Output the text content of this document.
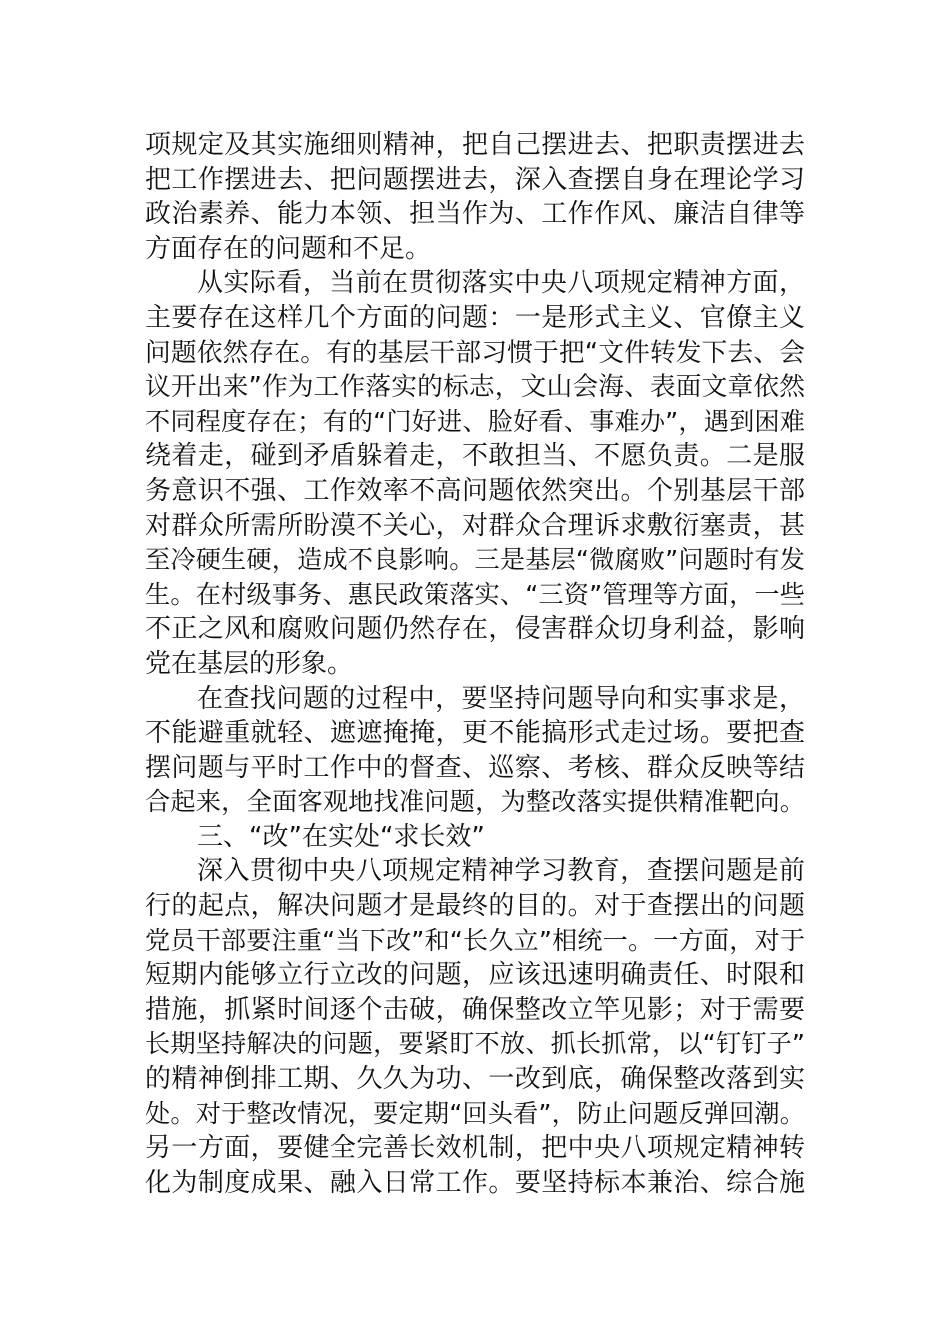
项规定及其实施细则精神，把自己摆进去、把职责摆进去
把工作摆进去、把问题摆进去，深入查摆自身在理论学习
政治素养、能力本领、担当作为、工作作风、廉洁自律等
方面存在的问题和不足。
从实际看，当前在贯彻落实中央八项规定精神方面，
主要存在这样几个方面的问题：一是形式主义、官僚主义
问题依然存在。有的基层干部习惯于把“文件转发下去、会
议开出来”作为工作落实的标志，文山会海、表面文章依然
不同程度存在；有的“门好进、脸好看、事难办”，遇到困难
绕着走，碰到矛盾躲着走，不敢担当、不愿负责。二是服
务意识不强、工作效率不高问题依然突出。个别基层干部
对群众所需所盼漠不关心，对群众合理诉求敷衍塞责，甚
至冷硬生硬，造成不良影响。三是基层“微腐败”问题时有发
生。在村级事务、惠民政策落实、“三资”管理等方面，一些
不正之风和腐败问题仍然存在，侵害群众切身利益，影响
党在基层的形象。
在查找问题的过程中，要坚持问题导向和实事求是，
不能避重就轻、遮遮掩掩，更不能搞形式走过场。要把查
摆问题与平时工作中的督查、巡察、考核、群众反映等结
合起来，全面客观地找准问题，为整改落实提供精准靶向。
三、“改”在实处“求长效”
深入贯彻中央八项规定精神学习教育，查摆问题是前
行的起点，解决问题才是最终的目的。对于查摆出的问题
党员干部要注重“当下改”和“长久立”相统一。一方面，对于
短期内能够立行立改的问题，应该迅速明确责任、时限和
措施，抓紧时间逐个击破，确保整改立竿见影；对于需要
长期坚持解决的问题，要紧盯不放、抓长抓常，以“钉钉子”
的精神倒排工期、久久为功、一改到底，确保整改落到实
处。对于整改情况，要定期“回头看”，防止问题反弹回潮。
另一方面，要健全完善长效机制，把中央八项规定精神转
化为制度成果、融入日常工作。要坚持标本兼治、综合施
